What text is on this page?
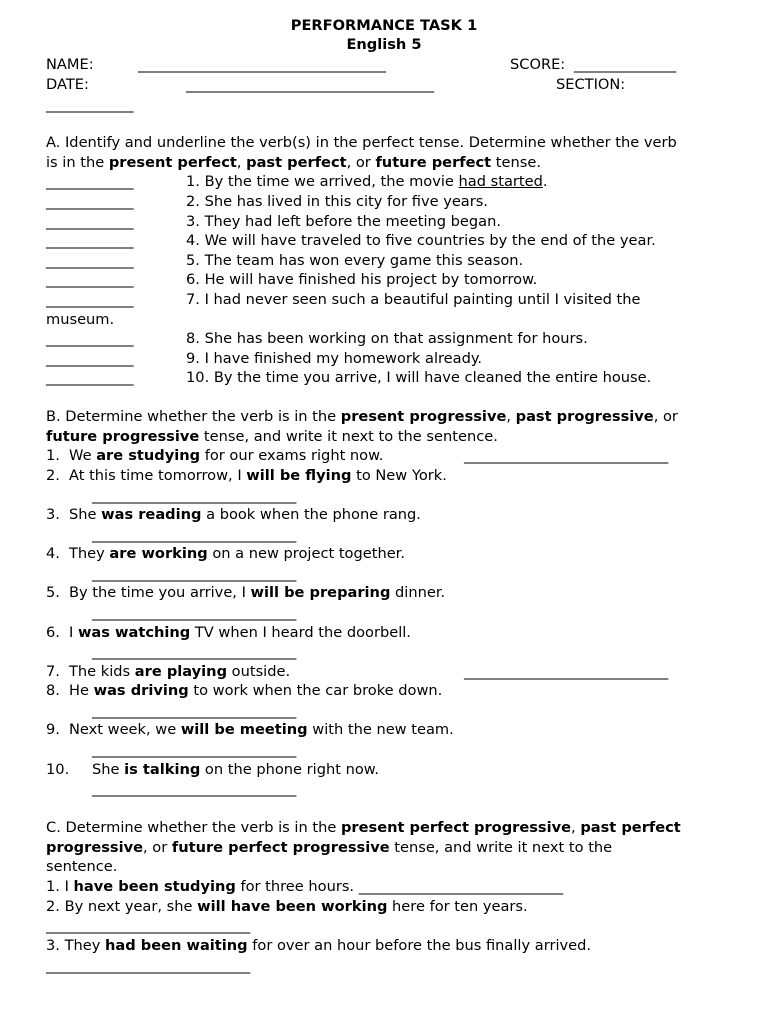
PERFORMANCE TASK 1
English 5
NAME:	__________________________________	SCORE: ______________
DATE:	__________________________________	SECTION:
____________
A. Identify and underline the verb(s) in the perfect tense. Determine whether the verb
is in the present perfect, past perfect, or future perfect tense.
____________	1. By the time we arrived, the movie had started.
____________	2. She has lived in this city for five years.
____________	3. They had left before the meeting began.
____________	4. We will have traveled to five countries by the end of the year.
____________	5. The team has won every game this season.
____________	6. He will have finished his project by tomorrow.
____________	7. I had never seen such a beautiful painting until I visited the
museum.
____________	8. She has been working on that assignment for hours.
____________	9. I have finished my homework already.
____________	10. By the time you arrive, I will have cleaned the entire house.
B. Determine whether the verb is in the present progressive, past progressive, or
future progressive tense, and write it next to the sentence.
1. We are studying for our exams right now.	____________________________
2. At this time tomorrow, I will be flying to New York.
____________________________
3. She was reading a book when the phone rang.
____________________________
4. They are working on a new project together.
____________________________
5. By the time you arrive, I will be preparing dinner.
____________________________
6. I was watching TV when I heard the doorbell.
____________________________
7. The kids are playing outside.	____________________________
8. He was driving to work when the car broke down.
____________________________
9. Next week, we will be meeting with the new team.
____________________________
10. She is talking on the phone right now.
____________________________
C. Determine whether the verb is in the present perfect progressive, past perfect
progressive, or future perfect progressive tense, and write it next to the
sentence.
1. I have been studying for three hours. ____________________________
2. By next year, she will have been working here for ten years.
____________________________
3. They had been waiting for over an hour before the bus finally arrived.
____________________________
